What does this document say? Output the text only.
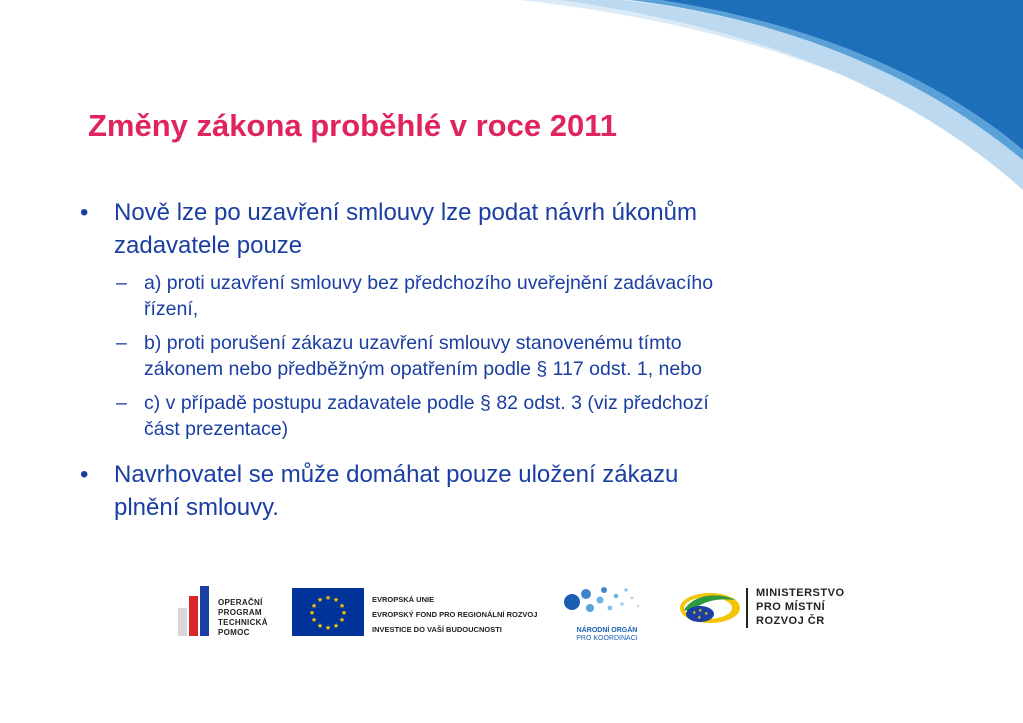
Změny zákona proběhlé v roce 2011
• Nově lze po uzavření smlouvy lze podat návrh úkonům
zadavatele pouze
– a) proti uzavření smlouvy bez předchozího uveřejnění zadávacího
řízení,
– b) proti porušení zákazu uzavření smlouvy stanovenému tímto
zákonem nebo předběžným opatřením podle § 117 odst. 1, nebo
– c) v případě postupu zadavatele podle § 82 odst. 3 (viz předchozí
část prezentace)
• Navrhovatel se může domáhat pouze uložení zákazu
plnění smlouvy.
OPERAČNÍ
PROGRAM
TECHNICKÁ
POMOC
★ ★
★
★
★
★
★
★
★
★
★
★	EVROPSKÁ UNIE
EVROPSKÝ FOND PRO REGIONÁLNÍ ROZVOJ
INVESTICE DO VAŠÍ BUDOUCNOSTI	NÁRODNÍ ORGÁN
PRO KOORDINACI
★ ★ ★
★
MINISTERSTVO
PRO MÍSTNÍ
ROZVOJ ČR
